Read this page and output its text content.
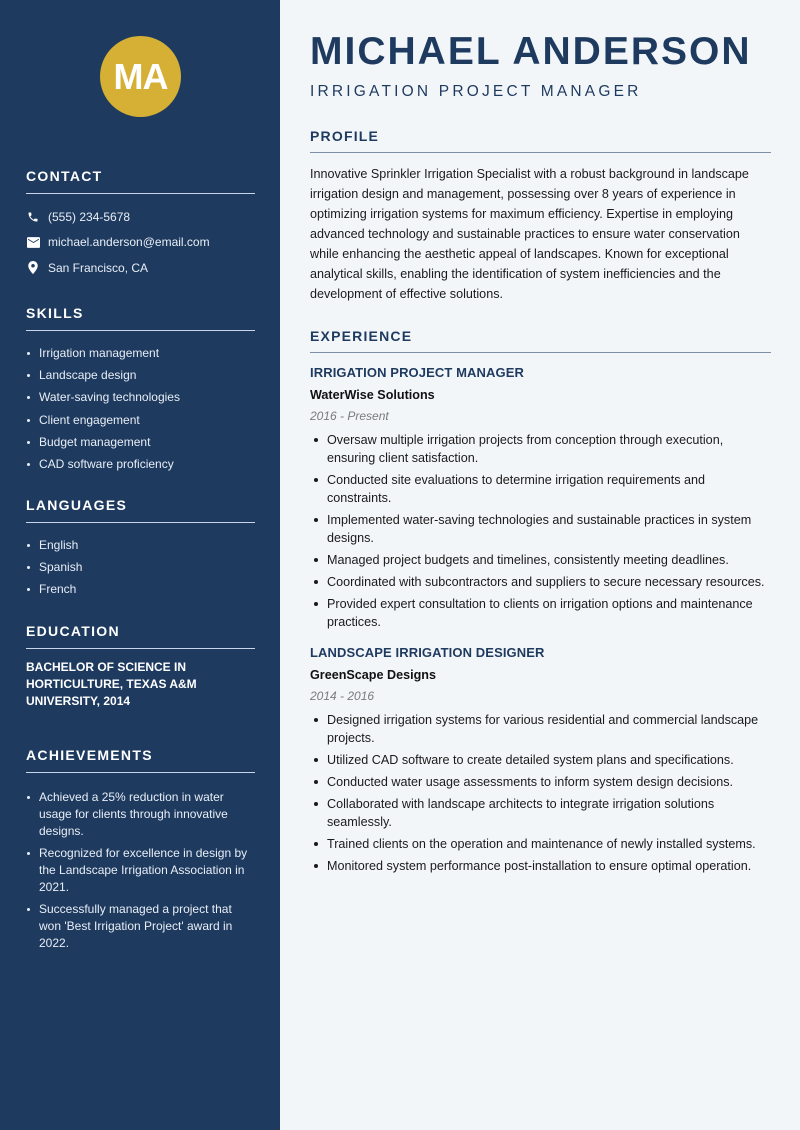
MA
CONTACT
(555) 234-5678
michael.anderson@email.com
San Francisco, CA
SKILLS
Irrigation management
Landscape design
Water-saving technologies
Client engagement
Budget management
CAD software proficiency
LANGUAGES
English
Spanish
French
EDUCATION

BACHELOR OF SCIENCE IN HORTICULTURE, TEXAS A&M UNIVERSITY, 2014

ACHIEVEMENTS
Achieved a 25% reduction in water usage for clients through innovative designs.
Recognized for excellence in design by the Landscape Irrigation Association in 2021.
Successfully managed a project that won 'Best Irrigation Project' award in 2022.
MICHAEL ANDERSON
IRRIGATION PROJECT MANAGER
PROFILE

Innovative Sprinkler Irrigation Specialist with a robust background in landscape irrigation design and management, possessing over 8 years of experience in optimizing irrigation systems for maximum efficiency. Expertise in employing advanced technology and sustainable practices to ensure water conservation while enhancing the aesthetic appeal of landscapes. Known for exceptional analytical skills, enabling the identification of system inefficiencies and the development of effective solutions.

EXPERIENCE
IRRIGATION PROJECT MANAGER
WaterWise Solutions
2016 - Present
Oversaw multiple irrigation projects from conception through execution, ensuring client satisfaction.
Conducted site evaluations to determine irrigation requirements and constraints.
Implemented water-saving technologies and sustainable practices in system designs.
Managed project budgets and timelines, consistently meeting deadlines.
Coordinated with subcontractors and suppliers to secure necessary resources.
Provided expert consultation to clients on irrigation options and maintenance practices.
LANDSCAPE IRRIGATION DESIGNER
GreenScape Designs
2014 - 2016
Designed irrigation systems for various residential and commercial landscape projects.
Utilized CAD software to create detailed system plans and specifications.
Conducted water usage assessments to inform system design decisions.
Collaborated with landscape architects to integrate irrigation solutions seamlessly.
Trained clients on the operation and maintenance of newly installed systems.
Monitored system performance post-installation to ensure optimal operation.
